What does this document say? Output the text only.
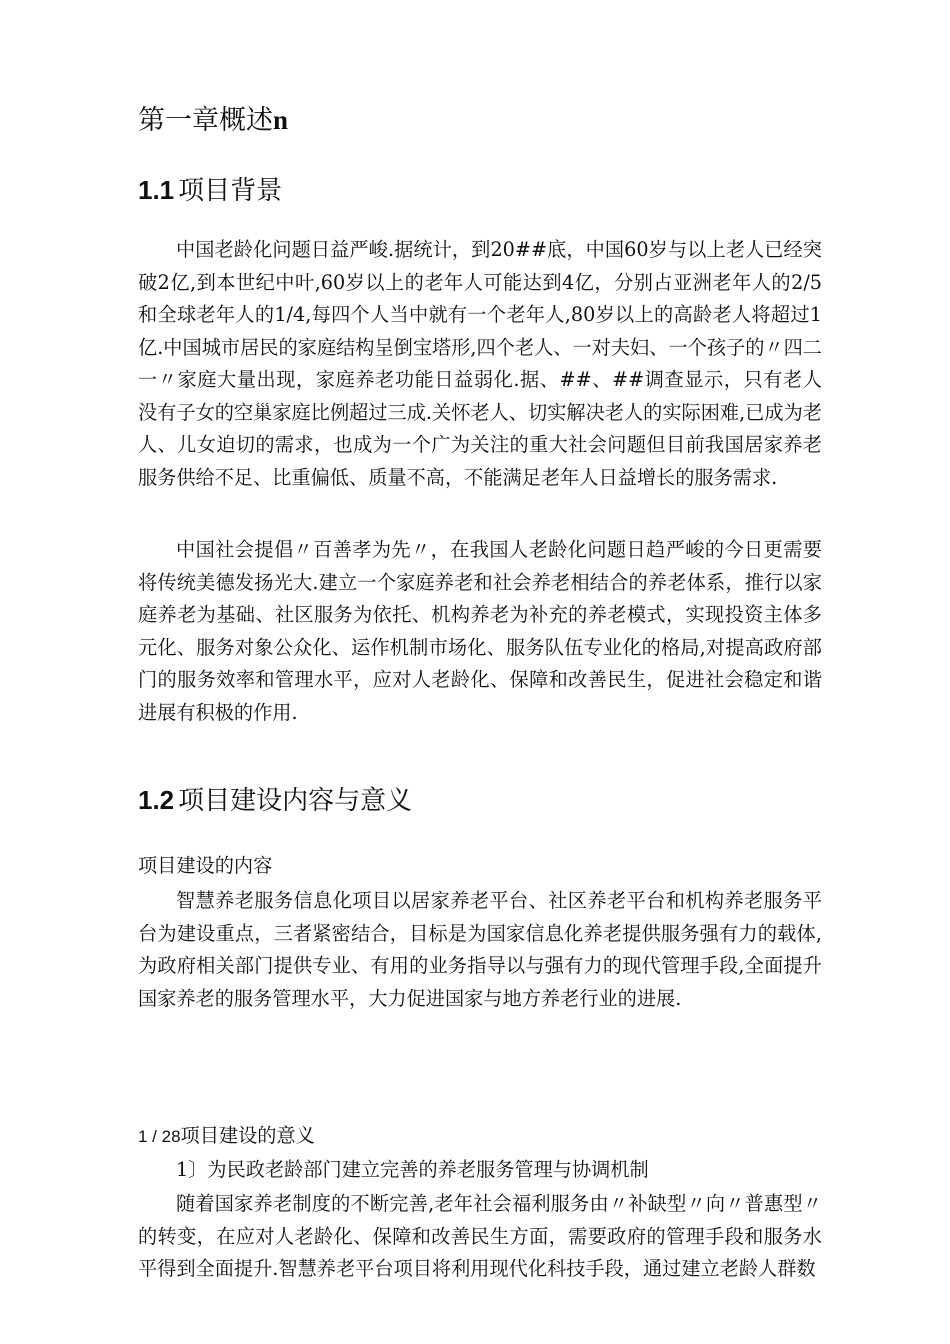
第一章概述n
1.1 项目背景

中国老龄化问题日益严峻.据统计，到20##底，中国60岁与以上老人已经突破2亿,到本世纪中叶,60岁以上的老年人可能达到4亿，分别占亚洲老年人的2/5和全球老年人的1/4,每四个人当中就有一个老年人,80岁以上的高龄老人将超过1亿.中国城市居民的家庭结构呈倒宝塔形,四个老人、一对夫妇、一个孩子的〃四二一〃家庭大量出现，家庭养老功能日益弱化.据、##、##调查显示，只有老人没有子女的空巢家庭比例超过三成.关怀老人、切实解决老人的实际困难,已成为老人、儿女迫切的需求，也成为一个广为关注的重大社会问题但目前我国居家养老服务供给不足、比重偏低、质量不高，不能满足老年人日益增长的服务需求.

中国社会提倡〃百善孝为先〃，在我国人老龄化问题日趋严峻的今日更需要将传统美德发扬光大.建立一个家庭养老和社会养老相结合的养老体系，推行以家庭养老为基础、社区服务为依托、机构养老为补充的养老模式，实现投资主体多元化、服务对象公众化、运作机制市场化、服务队伍专业化的格局,对提高政府部门的服务效率和管理水平，应对人老龄化、保障和改善民生，促进社会稳定和谐进展有积极的作用.

1.2 项目建设内容与意义
项目建设的内容

智慧养老服务信息化项目以居家养老平台、社区养老平台和机构养老服务平台为建设重点，三者紧密结合，目标是为国家信息化养老提供服务强有力的载体,为政府相关部门提供专业、有用的业务指导以与强有力的现代管理手段,全面提升国家养老的服务管理水平，大力促进国家与地方养老行业的进展.

1 / 28项目建设的意义
1〕为民政老龄部门建立完善的养老服务管理与协调机制

随着国家养老制度的不断完善,老年社会福利服务由〃补缺型〃向〃普惠型〃的转变，在应对人老龄化、保障和改善民生方面，需要政府的管理手段和服务水平得到全面提升.智慧养老平台项目将利用现代化科技手段，通过建立老龄人群数
